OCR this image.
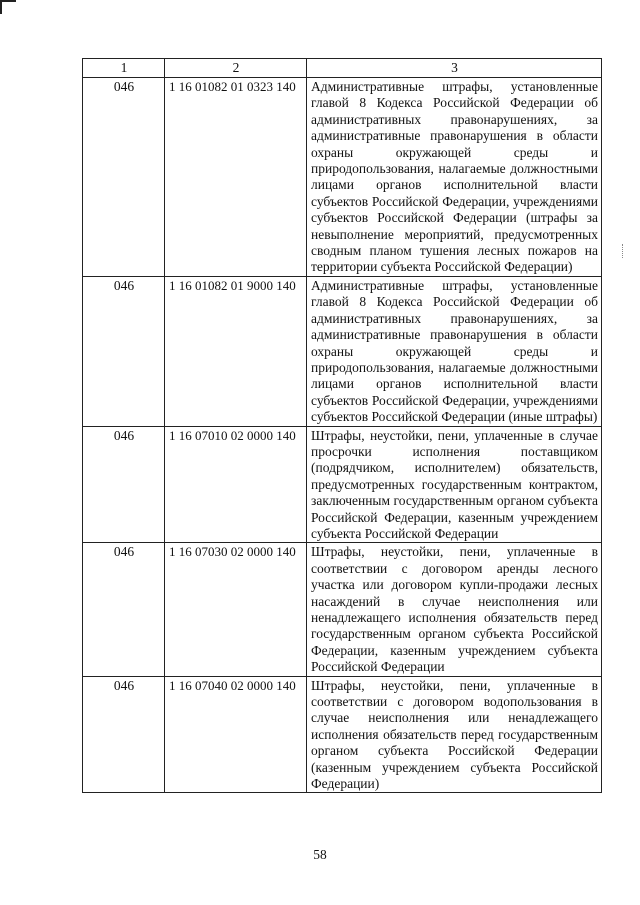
1	2	3
046	1 16 01082 01 0323 140	Административные штрафы, установленные главой 8 Кодекса Российской Федерации об административных правонарушениях, за административные правонарушения в области охраны окружающей среды и природопользования, налагаемые должностными лицами органов исполнительной власти субъектов Российской Федерации, учреждениями субъектов Российской Федерации (штрафы за невыполнение мероприятий, предусмотренных сводным планом тушения лесных пожаров на территории субъекта Российской Федерации)
046	1 16 01082 01 9000 140	Административные штрафы, установленные главой 8 Кодекса Российской Федерации об административных правонарушениях, за административные правонарушения в области охраны окружающей среды и природопользования, налагаемые должностными лицами органов исполнительной власти субъектов Российской Федерации, учреждениями субъектов Российской Федерации (иные штрафы)
046	1 16 07010 02 0000 140	Штрафы, неустойки, пени, уплаченные в случае просрочки исполнения поставщиком (подрядчиком, исполнителем) обязательств, предусмотренных государственным контрактом, заключенным государственным органом субъекта Российской Федерации, казенным учреждением субъекта Российской Федерации
046	1 16 07030 02 0000 140	Штрафы, неустойки, пени, уплаченные в соответствии с договором аренды лесного участка или договором купли-продажи лесных насаждений в случае неисполнения или ненадлежащего исполнения обязательств перед государственным органом субъекта Российской Федерации, казенным учреждением субъекта Российской Федерации
046	1 16 07040 02 0000 140	Штрафы, неустойки, пени, уплаченные в соответствии с договором водопользования в случае неисполнения или ненадлежащего исполнения обязательств перед государственным органом субъекта Российской Федерации (казенным учреждением субъекта Российской Федерации)
58
